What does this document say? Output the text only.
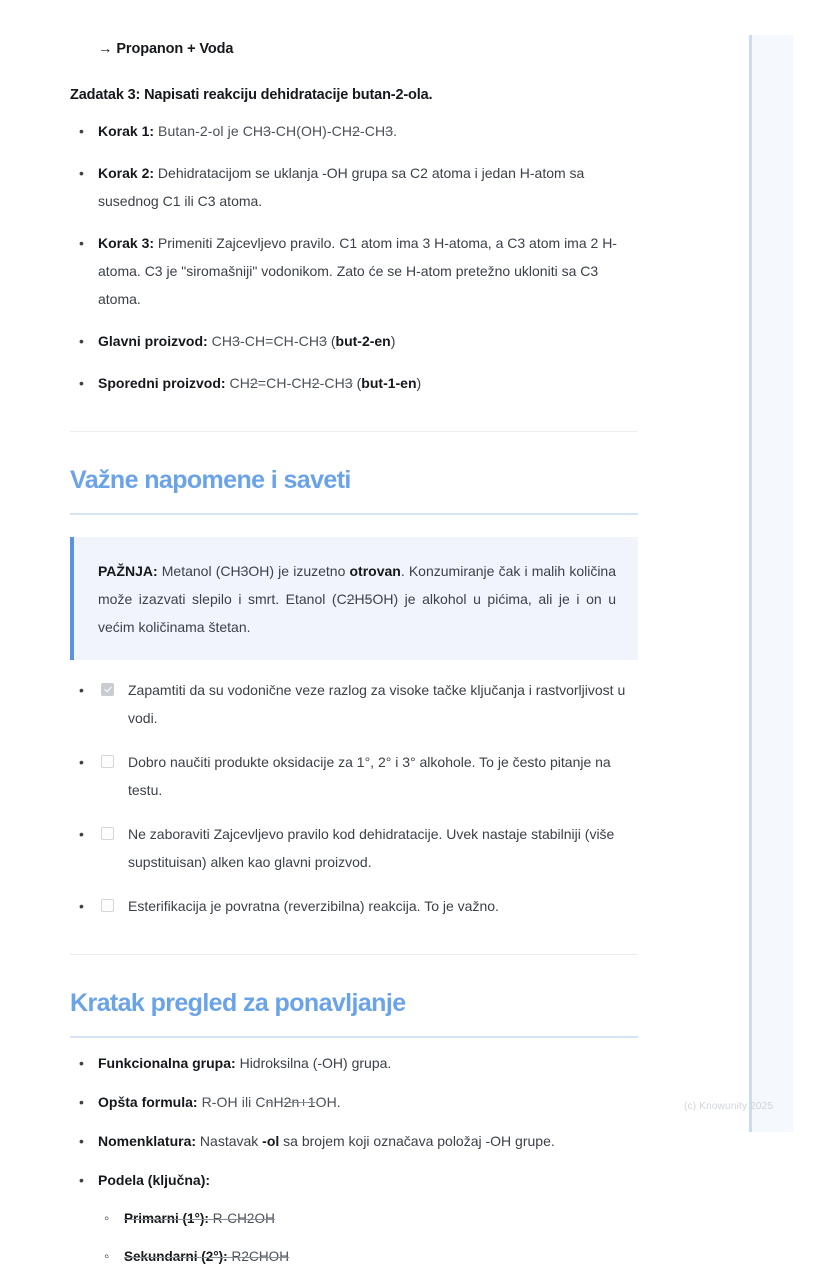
→ Propanon + Voda

Zadatak 3: Napisati reakciju dehidratacije butan-2-ola.

• Korak 1: Butan-2-ol je CH3-CH(OH)-CH2-CH3.
• Korak 2: Dehidratacijom se uklanja -OH grupa sa C2 atoma i jedan H-atom sa susednog C1 ili C3 atoma.
• Korak 3: Primeniti Zajcevljevo pravilo. C1 atom ima 3 H-atoma, a C3 atom ima 2 H-atoma. C3 je "siromašniji" vodonikom. Zato će se H-atom pretežno ukloniti sa C3 atoma.
• Glavni proizvod: CH3-CH=CH-CH3 (but-2-en)
• Sporedni proizvod: CH2=CH-CH2-CH3 (but-1-en)
Važne napomene i saveti

PAŽNJA: Metanol (CH3OH) je izuzetno otrovan. Konzumiranje čak i malih količina može izazvati slepilo i smrt. Etanol (C2H5OH) je alkohol u pićima, ali je i on u većim količinama štetan.

• Zapamtiti da su vodonične veze razlog za visoke tačke ključanja i rastvorljivost u vodi.
• Dobro naučiti produkte oksidacije za 1°, 2° i 3° alkohole. To je često pitanje na testu.
• Ne zaboraviti Zajcevljevo pravilo kod dehidratacije. Uvek nastaje stabilniji (više supstituisan) alken kao glavni proizvod.
• Esterifikacija je povratna (reverzibilna) reakcija. To je važno.
Kratak pregled za ponavljanje
• Funkcionalna grupa: Hidroksilna (-OH) grupa.
• Opšta formula: R-OH ili CnH2n+1OH.
• Nomenklatura: Nastavak -ol sa brojem koji označava položaj -OH grupe.
• Podela (ključna):
◦ Primarni (1°): R-CH2OH
◦ Sekundarni (2°): R2CHOH
(c) Knowunity 2025
